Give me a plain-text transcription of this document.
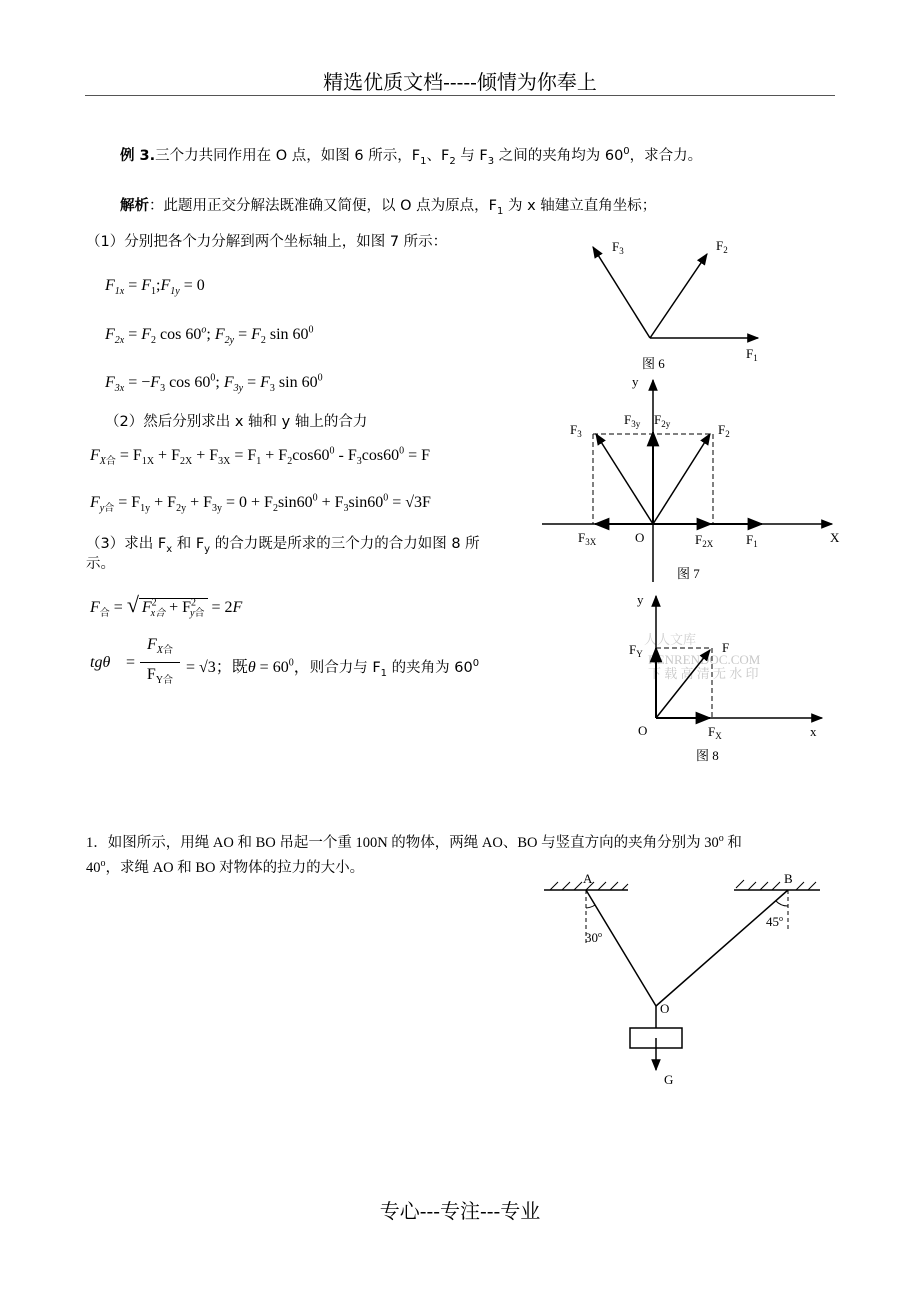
精选优质文档-----倾情为你奉上
例 3.三个力共同作用在 O 点，如图 6 所示，$F_1$、$F_2$ 与 $F_3$ 之间的夹角均为 $60^0$，求合力。
解析：此题用正交分解法既准确又简便，以 O 点为原点，$F_1$ 为 x 轴建立直角坐标；
（1）分别把各个力分解到两个坐标轴上，如图 7 所示：
$F_{1x}$ = $F_1;F_{1y} = 0$
$F_{2x} = F_2$ cos 60$^o$; $F_{2y} = F_2$ $\sin 60^0$
$F_{3x} = -F_3$ $\cos 60^0$; $F_{3y} = F_3$ $\sin 60^0$
（2）然后分别求出 x 轴和 y 轴上的合力
$F_{X合} = F_{1X} + F_{2X} + F_{3X} = F_1 + F_2\cos 60^0 - F_3\cos 60^0 = F$
$F_{y合} = F_{1y} + F_{2y} + F_{3y} = 0 + F_2\sin 60^0 + F_3\sin 60^0 = √3F$
（3）求出 $F_x$ 和 $F_y$ 的合力既是所求的三个力的合力如图 8 所
示。
$F_合$ = √ $F^2_{x合} + F^2_{y合} = 2F$
tgθ =
$F_{X合}$
$F_{Y合}$
= √3；既$\theta = 60^0$，则合力与 $F_1$ 的夹角为 $60^0$
$F_3$	$F_2$
$F_1$
图 6
y
$F_{3y}$ $F_{2y}$
$F_3$	$F_2$
$F_{3X}$	O	$F_{2X}$	$F_1$	X
图 7
人人文库
RENRENDOC.COM
下 载 高 清 无 水 印
y
$F_Y$	F
O	$F_X$	x
图 8
1．如图所示，用绳 AO 和 BO 吊起一个重 100N 的物体，两绳 AO、BO 与竖直方向的夹角分别为 30$^o$ 和
40$^o$，求绳 AO 和 BO 对物体的拉力的大小。
A	B
30$^o$
45$^o$
O
G
专心---专注---专业
